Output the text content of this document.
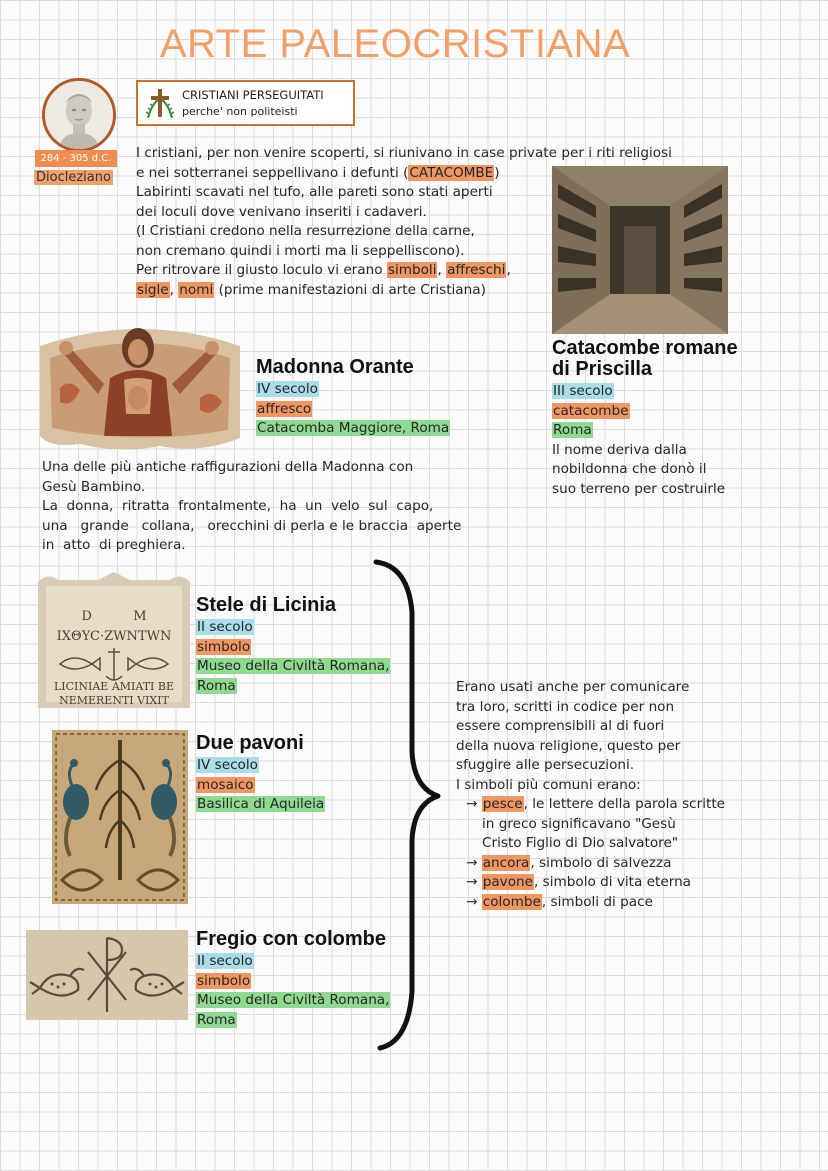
ARTE PALEOCRISTIANA
284 - 305 d.C.
Diocleziano
CRISTIANI PERSEGUITATI
perche' non politeisti
I cristiani, per non venire scoperti, si riunivano in case private per i riti religiosi
e nei sotterranei seppellivano i defunti (CATACOMBE)
Labirinti scavati nel tufo, alle pareti sono stati aperti
dei loculi dove venivano inseriti i cadaveri.
(I Cristiani credono nella resurrezione della carne,
non cremano quindi i morti ma li seppelliscono).
Per ritrovare il giusto loculo vi erano simboli, affreschi,
sigle, nomi (prime manifestazioni di arte Cristiana)
Catacombe romane
di Priscilla
III secolo
catacombe
Roma
Il nome deriva dalla
nobildonna che donò il
suo terreno per costruirle
Madonna Orante
IV secolo
affresco
Catacomba Maggiore, Roma
Una delle più antiche raffigurazioni della Madonna con
Gesù Bambino.
La  donna,  ritratta  frontalmente,  ha  un  velo  sul  capo,
una   grande   collana,   orecchini di perla e le braccia  aperte
in  atto  di preghiera.
D          M
IXΘYC·ZWNTWN
LICINIAE AMIATI BE
NEMERENTI VIXIT
Stele di Licinia
II secolo
simbolo
Museo della Civiltà Romana,
Roma
Due pavoni
IV secolo
mosaico
Basilica di Aquileia
Fregio con colombe
II secolo
simbolo
Museo della Civiltà Romana,
Roma
Erano usati anche per comunicare
tra loro, scritti in codice per non
essere comprensibili al di fuori
della nuova religione, questo per
sfuggire alle persecuzioni.
I simboli più comuni erano:
→ pesce, le lettere della parola scritte
in greco significavano "Gesù
Cristo Figlio di Dio salvatore"
→ ancora, simbolo di salvezza
→ pavone, simbolo di vita eterna
→ colombe, simboli di pace
